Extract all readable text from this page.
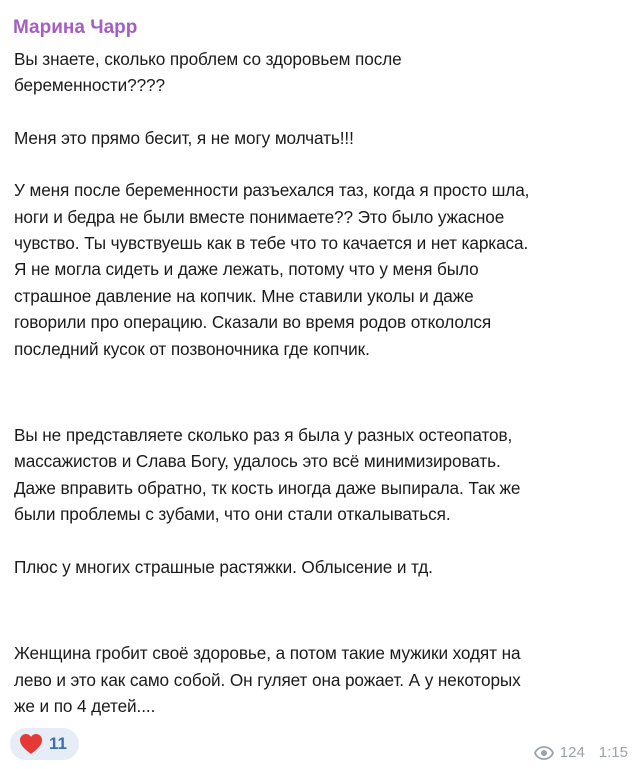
Марина Чарр

Вы знаете, сколько проблем со здоровьем после
беременности????

Меня это прямо бесит, я не могу молчать!!!

У меня после беременности разъехался таз, когда я просто шла,
ноги и бедра не были вместе понимаете?? Это было ужасное
чувство. Ты чувствуешь как в тебе что то качается и нет каркаса.
Я не могла сидеть и даже лежать, потому что у меня было
страшное давление на копчик. Мне ставили уколы и даже
говорили про операцию. Сказали во время родов откололся
последний кусок от позвоночника где копчик.

Вы не представляете сколько раз я была у разных остеопатов,
массажистов и Слава Богу, удалось это всё минимизировать.
Даже вправить обратно, тк кость иногда даже выпирала. Так же
были проблемы с зубами, что они стали откалываться.

Плюс у многих страшные растяжки. Облысение и тд.

Женщина гробит своё здоровье, а потом такие мужики ходят на
лево и это как само собой. Он гуляет она рожает. А у некоторых
же и по 4 детей....

11	124 1:15
